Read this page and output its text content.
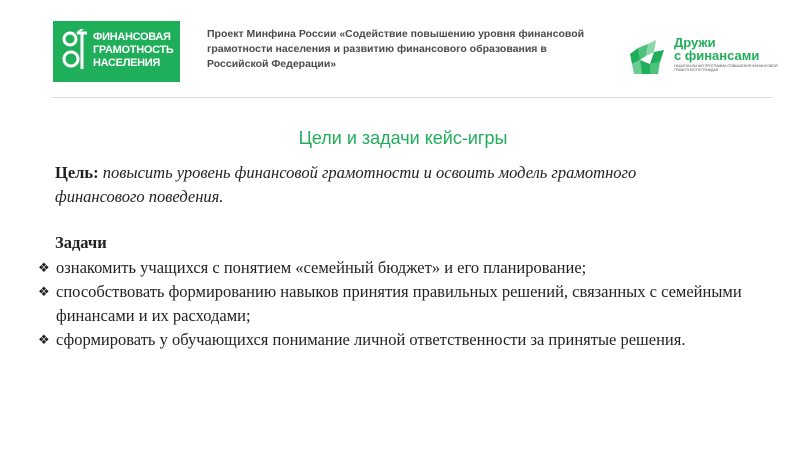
ФИНАНСОВАЯ
ГРАМОТНОСТЬ
НАСЕЛЕНИЯ
Проект Минфина России «Содействие повышению уровня финансовой грамотности населения и развитию финансового образования в Российской Федерации»
Дружи
с финансами
НАЦИОНАЛЬНАЯ ПРОГРАММА ПОВЫШЕНИЯ ФИНАНСОВОЙ ГРАМОТНОСТИ ГРАЖДАН
Цели и задачи кейс-игры
Цель: повысить уровень финансовой грамотности и освоить модель грамотного финансового поведения.
Задачи
❖ ознакомить учащихся с понятием «семейный бюджет» и его планирование;
❖ способствовать формированию навыков принятия правильных решений, связанных с семейными финансами и их расходами;
❖ сформировать у обучающихся понимание личной ответственности за принятые решения.
